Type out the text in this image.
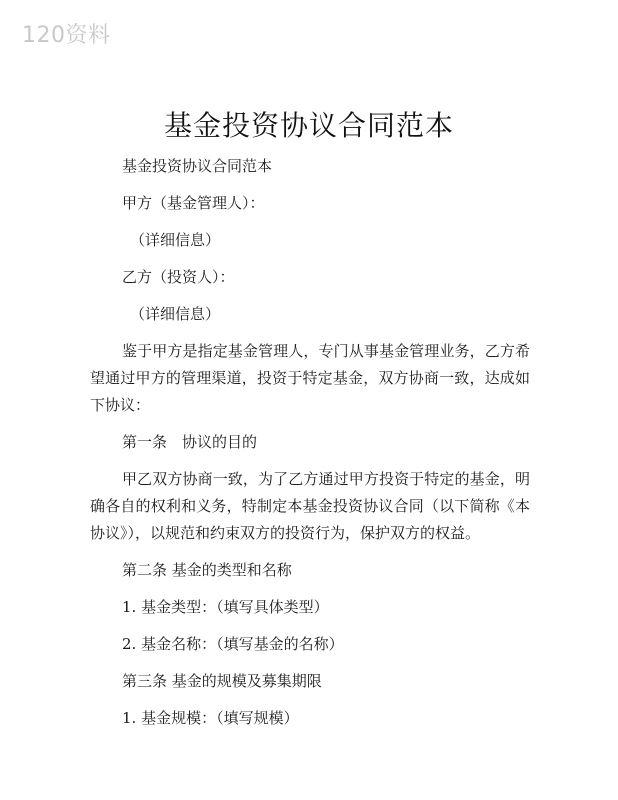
120资料
基金投资协议合同范本

基金投资协议合同范本

甲方（基金管理人）：

（详细信息）

乙方（投资人）：

（详细信息）

鉴于甲方是指定基金管理人，专门从事基金管理业务，乙方希望通过甲方的管理渠道，投资于特定基金，双方协商一致，达成如下协议：

第一条　协议的目的

甲乙双方协商一致，为了乙方通过甲方投资于特定的基金，明确各自的权利和义务，特制定本基金投资协议合同（以下简称《本协议》），以规范和约束双方的投资行为，保护双方的权益。

第二条 基金的类型和名称

1. 基金类型：（填写具体类型）

2. 基金名称：（填写基金的名称）

第三条 基金的规模及募集期限

1. 基金规模：（填写规模）
